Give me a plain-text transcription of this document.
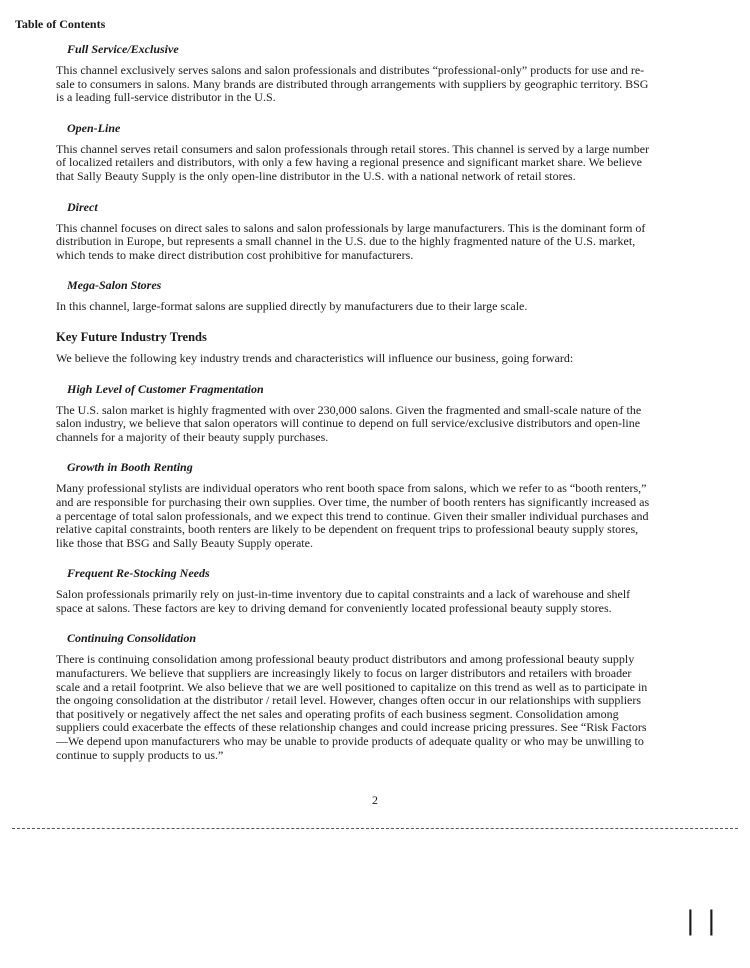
Table of Contents
Full Service/Exclusive

This channel exclusively serves salons and salon professionals and distributes “professional-only” products for use and re-sale to consumers in salons. Many brands are distributed through arrangements with suppliers by geographic territory. BSG is a leading full-service distributor in the U.S.

Open-Line

This channel serves retail consumers and salon professionals through retail stores. This channel is served by a large number of localized retailers and distributors, with only a few having a regional presence and significant market share. We believe that Sally Beauty Supply is the only open-line distributor in the U.S. with a national network of retail stores.

Direct

This channel focuses on direct sales to salons and salon professionals by large manufacturers. This is the dominant form of distribution in Europe, but represents a small channel in the U.S. due to the highly fragmented nature of the U.S. market, which tends to make direct distribution cost prohibitive for manufacturers.

Mega-Salon Stores

In this channel, large-format salons are supplied directly by manufacturers due to their large scale.

Key Future Industry Trends

We believe the following key industry trends and characteristics will influence our business, going forward:

High Level of Customer Fragmentation

The U.S. salon market is highly fragmented with over 230,000 salons. Given the fragmented and small-scale nature of the salon industry, we believe that salon operators will continue to depend on full service/exclusive distributors and open-line channels for a majority of their beauty supply purchases.

Growth in Booth Renting

Many professional stylists are individual operators who rent booth space from salons, which we refer to as “booth renters,” and are responsible for purchasing their own supplies. Over time, the number of booth renters has significantly increased as a percentage of total salon professionals, and we expect this trend to continue. Given their smaller individual purchases and relative capital constraints, booth renters are likely to be dependent on frequent trips to professional beauty supply stores, like those that BSG and Sally Beauty Supply operate.

Frequent Re-Stocking Needs

Salon professionals primarily rely on just-in-time inventory due to capital constraints and a lack of warehouse and shelf space at salons. These factors are key to driving demand for conveniently located professional beauty supply stores.

Continuing Consolidation

There is continuing consolidation among professional beauty product distributors and among professional beauty supply manufacturers. We believe that suppliers are increasingly likely to focus on larger distributors and retailers with broader scale and a retail footprint. We also believe that we are well positioned to capitalize on this trend as well as to participate in the ongoing consolidation at the distributor / retail level. However, changes often occur in our relationships with suppliers that positively or negatively affect the net sales and operating profits of each business segment. Consolidation among suppliers could exacerbate the effects of these relationship changes and could increase pricing pressures. See “Risk Factors—We depend upon manufacturers who may be unable to provide products of adequate quality or who may be unwilling to continue to supply products to us.”

2
| |
